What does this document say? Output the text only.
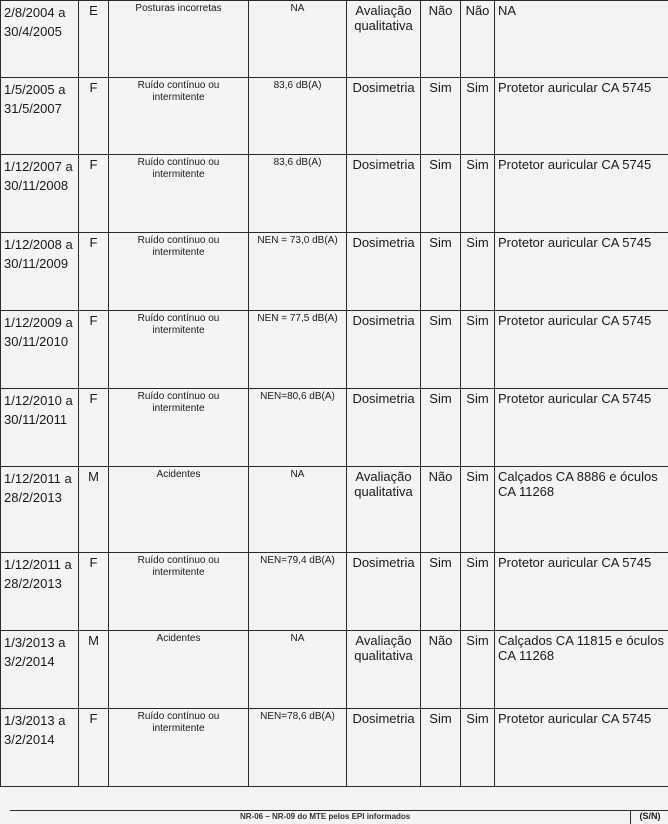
2/8/2004 a 30/4/2005	E	Posturas incorretas	NA	Avaliação qualitativa	Não	Não	NA
1/5/2005 a 31/5/2007	F	Ruído contínuo ou intermitente	83,6 dB(A)	Dosimetria	Sim	Sim	Protetor auricular CA 5745
1/12/2007 a 30/11/2008	F	Ruído contínuo ou intermitente	83,6 dB(A)	Dosimetria	Sim	Sim	Protetor auricular CA 5745
1/12/2008 a 30/11/2009	F	Ruído contínuo ou intermitente	NEN = 73,0 dB(A)	Dosimetria	Sim	Sim	Protetor auricular CA 5745
1/12/2009 a 30/11/2010	F	Ruído contínuo ou intermitente	NEN = 77,5 dB(A)	Dosimetria	Sim	Sim	Protetor auricular CA 5745
1/12/2010 a 30/11/2011	F	Ruído contínuo ou intermitente	NEN=80,6 dB(A)	Dosimetria	Sim	Sim	Protetor auricular CA 5745
1/12/2011 a 28/2/2013	M	Acidentes	NA	Avaliação qualitativa	Não	Sim	Calçados CA 8886 e óculos CA 11268
1/12/2011 a 28/2/2013	F	Ruído contínuo ou intermitente	NEN=79,4 dB(A)	Dosimetria	Sim	Sim	Protetor auricular CA 5745
1/3/2013 a 3/2/2014	M	Acidentes	NA	Avaliação qualitativa	Não	Sim	Calçados CA 11815 e óculos CA 11268
1/3/2013 a 3/2/2014	F	Ruído contínuo ou intermitente	NEN=78,6 dB(A)	Dosimetria	Sim	Sim	Protetor auricular CA 5745
NR-06 – NR-09 do MTE pelos EPI informados	(S/N)
